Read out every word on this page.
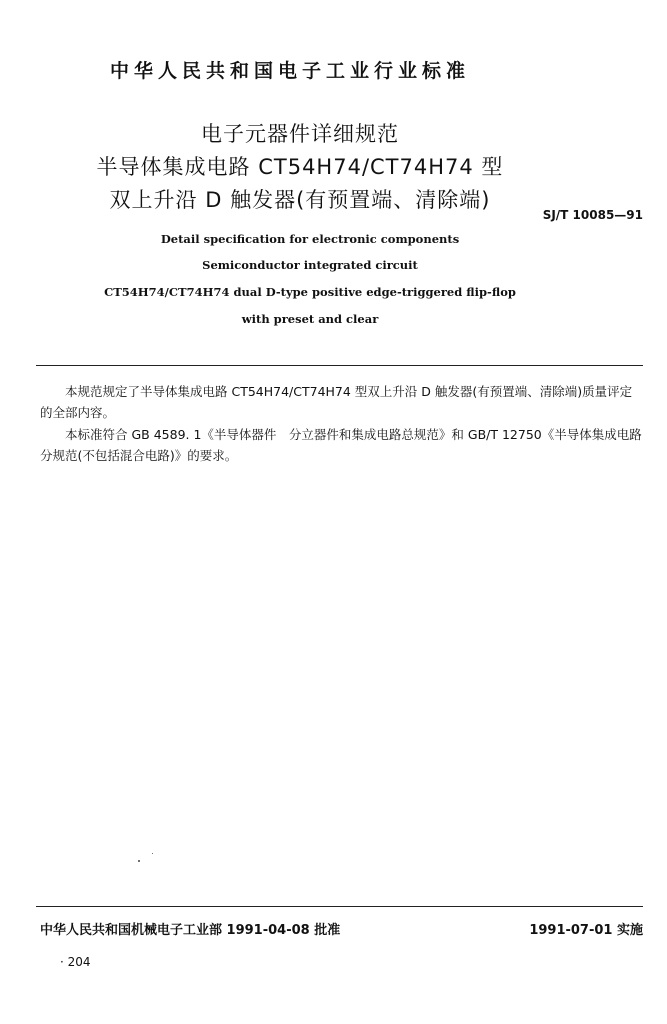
中华人民共和国电子工业行业标准
电子元器件详细规范
半导体集成电路 CT54H74/CT74H74 型
双上升沿 D 触发器(有预置端、清除端)
SJ/T 10085—91
Detail specification for electronic components
Semiconductor integrated circuit
CT54H74/CT74H74 dual D-type positive edge-triggered flip-flop
with preset and clear
本规范规定了半导体集成电路 CT54H74/CT74H74 型双上升沿 D 触发器(有预置端、清除端)质量评定的全部内容。
本标准符合 GB 4589. 1《半导体器件　分立器件和集成电路总规范》和 GB/T 12750《半导体集成电路分规范(不包括混合电路)》的要求。
中华人民共和国机械电子工业部 1991-04-08 批准	1991-07-01 实施
· 204
